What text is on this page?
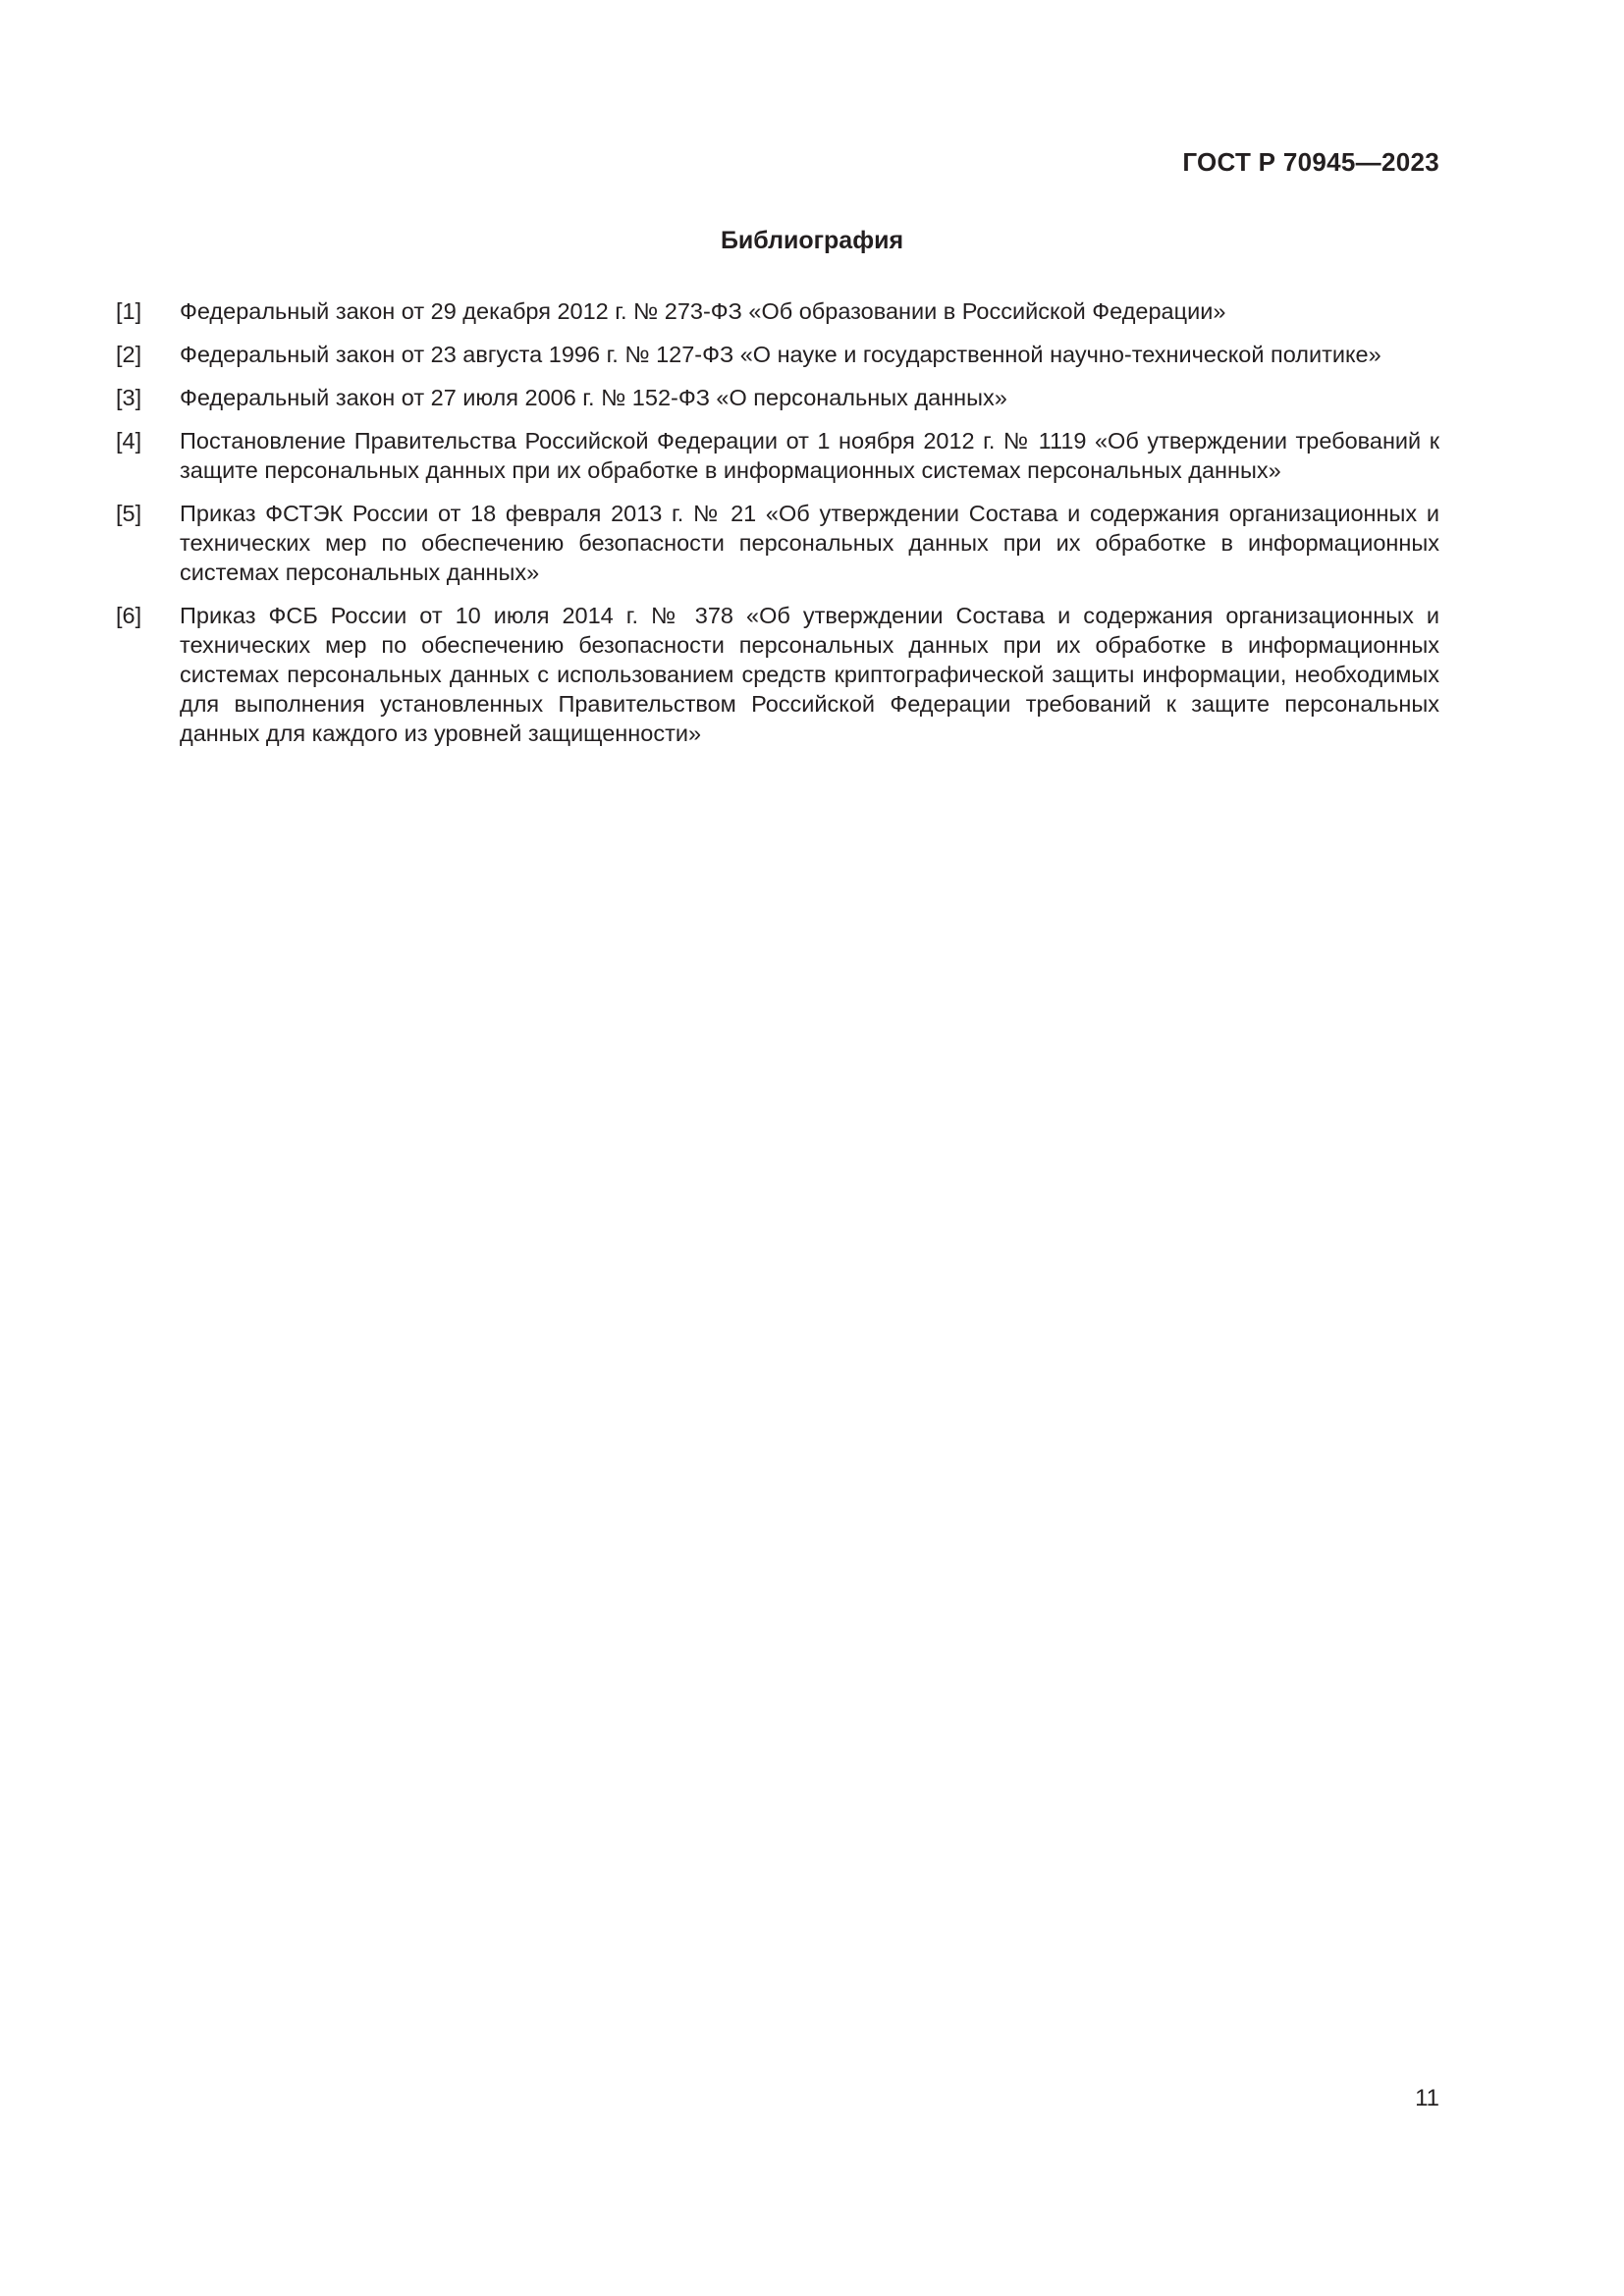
ГОСТ Р 70945—2023
Библиография
[1]	Федеральный закон от 29 декабря 2012 г. № 273-ФЗ «Об образовании в Российской Федерации»
[2]	Федеральный закон от 23 августа 1996 г. № 127-ФЗ «О науке и государственной научно-технической политике»
[3]	Федеральный закон от 27 июля 2006 г. № 152-ФЗ «О персональных данных»
[4]	Постановление Правительства Российской Федерации от 1 ноября 2012 г. № 1119 «Об утверждении требований к защите персональных данных при их обработке в информационных системах персональных данных»
[5]	Приказ ФСТЭК России от 18 февраля 2013 г. № 21 «Об утверждении Состава и содержания организационных и технических мер по обеспечению безопасности персональных данных при их обработке в информационных системах персональных данных»
[6]	Приказ ФСБ России от 10 июля 2014 г. № 378 «Об утверждении Состава и содержания организационных и технических мер по обеспечению безопасности персональных данных при их обработке в информационных системах персональных данных с использованием средств криптографической защиты информации, необходимых для выполнения установленных Правительством Российской Федерации требований к защите персональных данных для каждого из уровней защищенности»
11
